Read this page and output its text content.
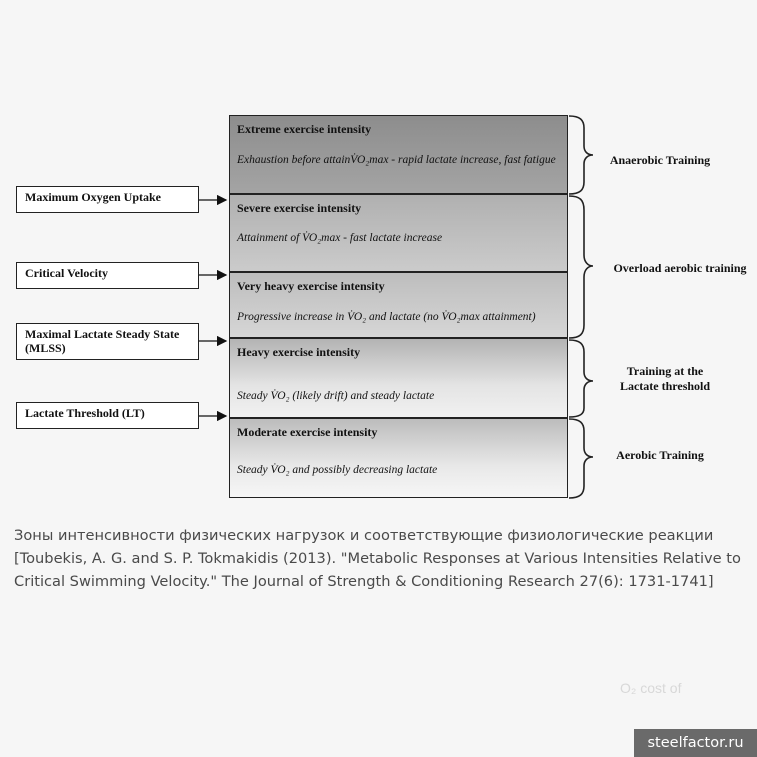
Extreme exercise intensity
Exhaustion before attainV̇O₂max - rapid lactate increase, fast fatigue
Severe exercise intensity
Attainment of V̇O₂max - fast lactate increase
Very heavy exercise intensity
Progressive increase in V̇O₂ and lactate (no V̇O₂max attainment)
Heavy exercise intensity
Steady V̇O₂ (likely drift) and steady lactate
Moderate exercise intensity
Steady V̇O₂ and possibly decreasing lactate
Maximum Oxygen Uptake
Critical Velocity
Maximal Lactate Steady State (MLSS)
Lactate Threshold (LT)
Anaerobic Training
Overload aerobic training
Training at the Lactate threshold
Aerobic Training
Зоны интенсивности физических нагрузок и соответствующие физиологические реакции [Toubekis, A. G. and S. P. Tokmakidis (2013). "Metabolic Responses at Various Intensities Relative to Critical Swimming Velocity." The Journal of Strength & Conditioning Research 27(6): 1731-1741]
O₂ cost of
steelfactor.ru
